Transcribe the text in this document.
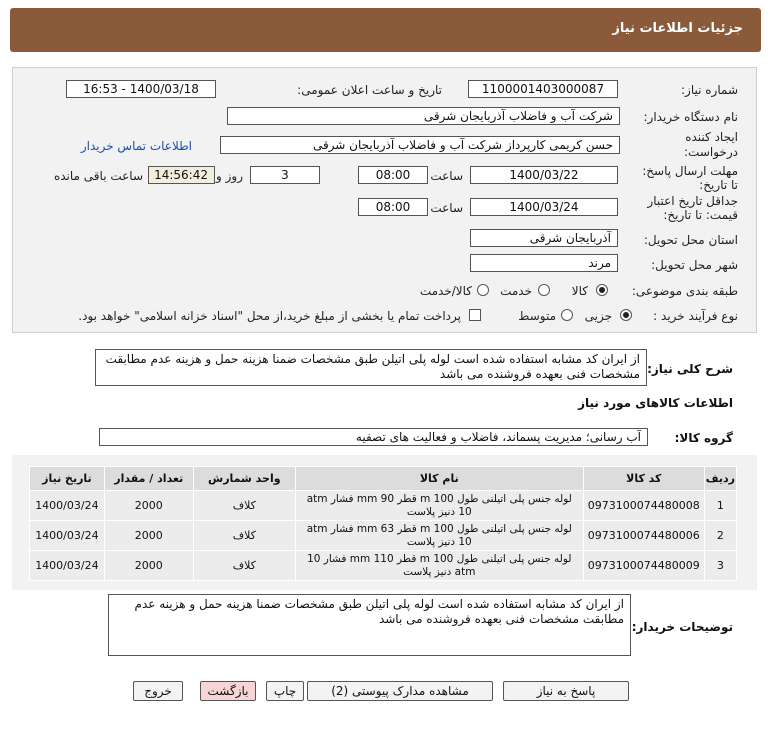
جزئیات اطلاعات نیاز
شماره نیاز:
1100001403000087
تاریخ و ساعت اعلان عمومی:
1400/03/18 - 16:53
نام دستگاه خریدار:
شرکت آب و فاضلاب آذربایجان شرقی
ایجاد کننده
درخواست:
حسن کریمی کارپرداز شرکت آب و فاضلاب آذربایجان شرقی
اطلاعات تماس خریدار
مهلت ارسال پاسخ:
تا تاریخ:
1400/03/22
ساعت
08:00
3
روز و
14:56:42
ساعت باقی مانده
جداقل تاریخ اعتبار
قیمت: تا تاریخ:
1400/03/24
ساعت
08:00
استان محل تحویل:
آذربایجان شرقی
شهر محل تحویل:
مرند
طبقه بندی موضوعی:
کالا
خدمت
کالا/خدمت
نوع فرآیند خرید :
جزیی
متوسط
پرداخت تمام یا بخشی از مبلغ خرید،از محل "اسناد خزانه اسلامی" خواهد بود.
شرح کلی نیاز:
از ایران کد مشابه استفاده شده است لوله پلی اتیلن طبق مشخصات ضمنا هزینه حمل و هزینه عدم مطابقت مشخصات فنی بعهده فروشنده می باشد
اطلاعات کالاهای مورد نیاز
گروه کالا:
آب رسانی؛ مدیریت پسماند، فاضلاب و فعالیت های تصفیه
ردیف	کد کالا	نام کالا	واحد شمارش	تعداد / مقدار	تاریخ نیاز
1	0973100074480008	لوله جنس پلی اتیلنی طول m 100 قطر mm 90 فشار atm 10 دنیز پلاست	کلاف	2000	1400/03/24
2	0973100074480006	لوله جنس پلی اتیلنی طول m 100 قطر mm 63 فشار atm 10 دنیز پلاست	کلاف	2000	1400/03/24
3	0973100074480009	لوله جنس پلی اتیلنی طول m 100 قطر mm 110 فشار 10 atm دنیز پلاست	کلاف	2000	1400/03/24
توضیحات خریدار:
از ایران کد مشابه استفاده شده است لوله پلی اتیلن طبق مشخصات ضمنا هزینه حمل و هزینه عدم مطابقت مشخصات فنی بعهده فروشنده می باشد
پاسخ به نیاز
مشاهده مدارک پیوستی (2)
چاپ
بازگشت
خروج
